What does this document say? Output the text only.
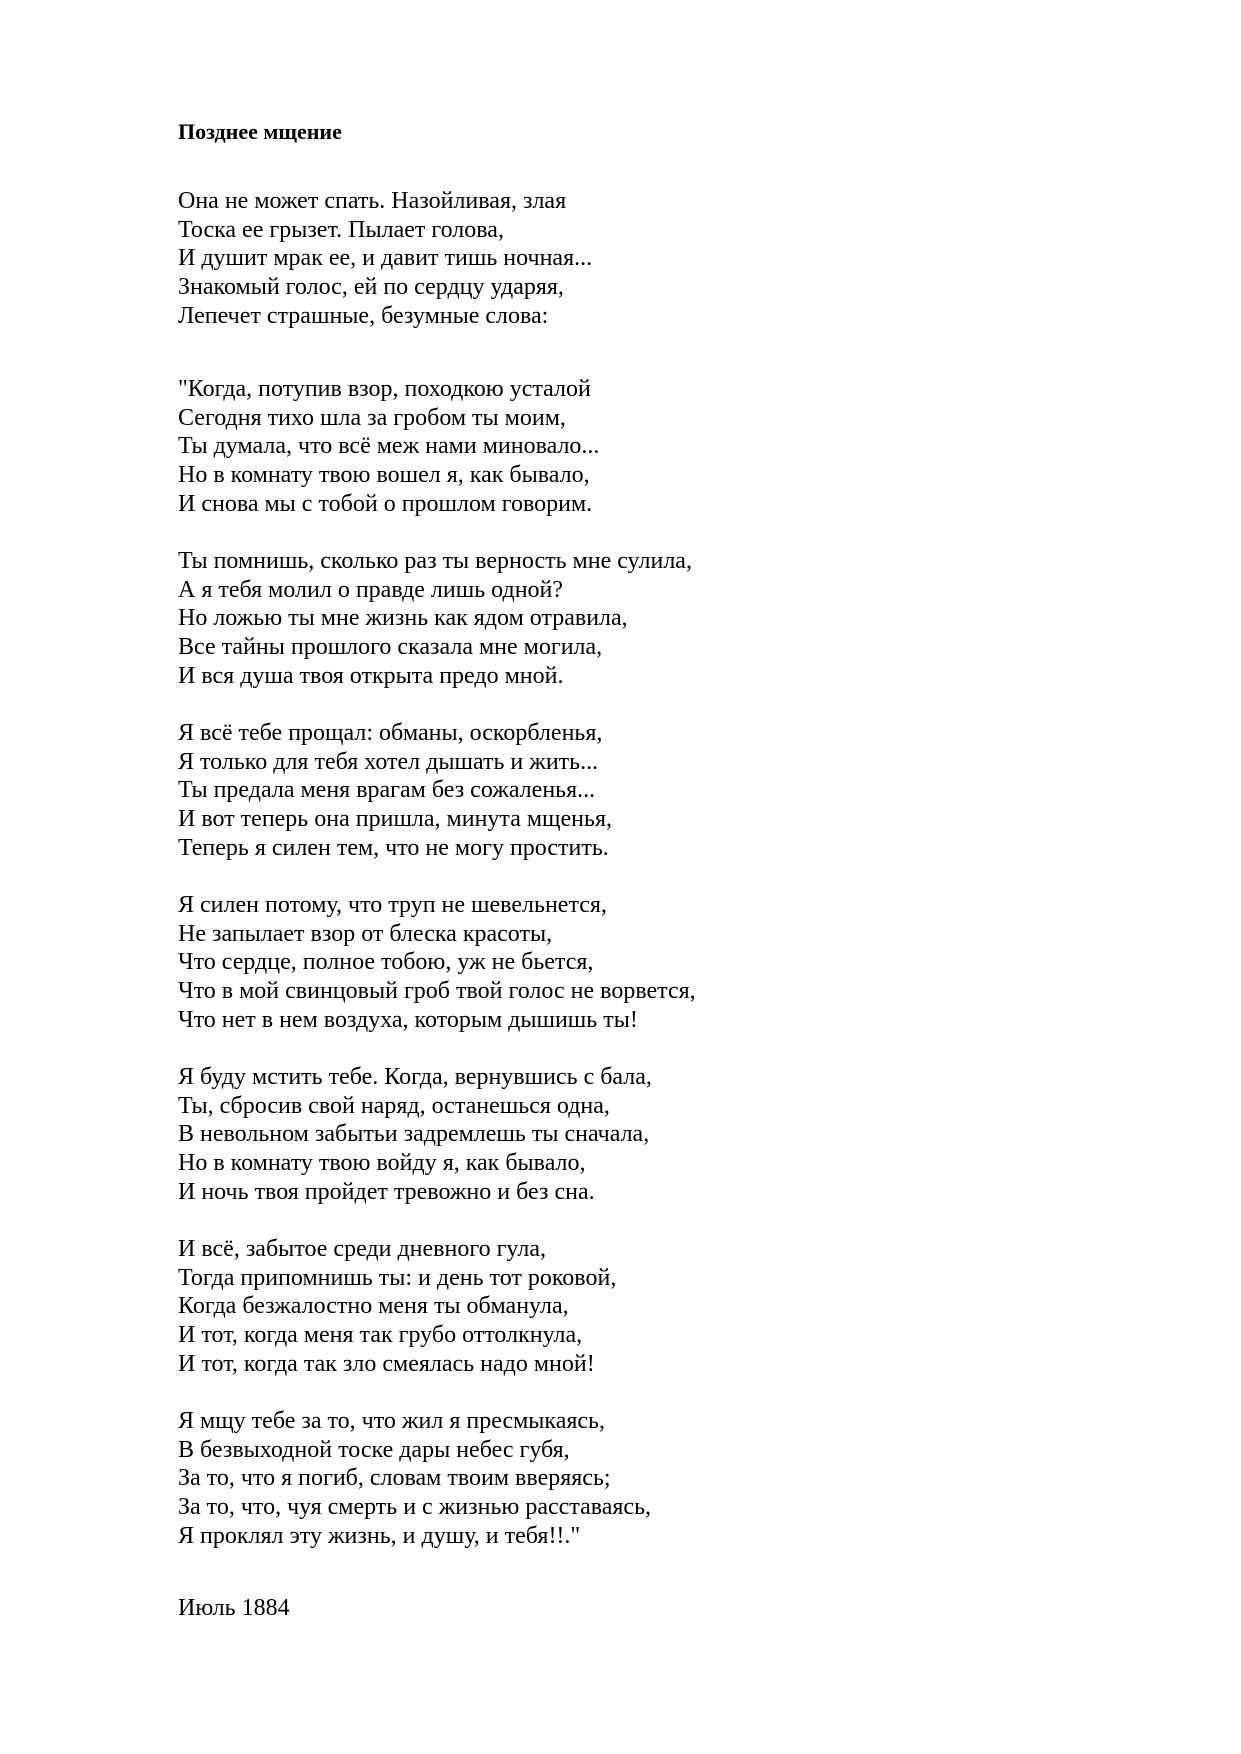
Позднее мщение
Она не может спать. Назойливая, злая
Тоска ее грызет. Пылает голова,
И душит мрак ее, и давит тишь ночная...
Знакомый голос, ей по сердцу ударяя,
Лепечет страшные, безумные слова:
"Когда, потупив взор, походкою усталой
Сегодня тихо шла за гробом ты моим,
Ты думала, что всё меж нами миновало...
Но в комнату твою вошел я, как бывало,
И снова мы с тобой о прошлом говорим.
Ты помнишь, сколько раз ты верность мне сулила,
А я тебя молил о правде лишь одной?
Но ложью ты мне жизнь как ядом отравила,
Все тайны прошлого сказала мне могила,
И вся душа твоя открыта предо мной.
Я всё тебе прощал: обманы, оскорбленья,
Я только для тебя хотел дышать и жить...
Ты предала меня врагам без сожаленья...
И вот теперь она пришла, минута мщенья,
Теперь я силен тем, что не могу простить.
Я силен потому, что труп не шевельнется,
Не запылает взор от блеска красоты,
Что сердце, полное тобою, уж не бьется,
Что в мой свинцовый гроб твой голос не ворвется,
Что нет в нем воздуха, которым дышишь ты!
Я буду мстить тебе. Когда, вернувшись с бала,
Ты, сбросив свой наряд, останешься одна,
В невольном забытьи задремлешь ты сначала,
Но в комнату твою войду я, как бывало,
И ночь твоя пройдет тревожно и без сна.
И всё, забытое среди дневного гула,
Тогда припомнишь ты: и день тот роковой,
Когда безжалостно меня ты обманула,
И тот, когда меня так грубо оттолкнула,
И тот, когда так зло смеялась надо мной!
Я мщу тебе за то, что жил я пресмыкаясь,
В безвыходной тоске дары небес губя,
За то, что я погиб, словам твоим вверяясь;
За то, что, чуя смерть и с жизнью расставаясь,
Я проклял эту жизнь, и душу, и тебя!!."
Июль 1884
